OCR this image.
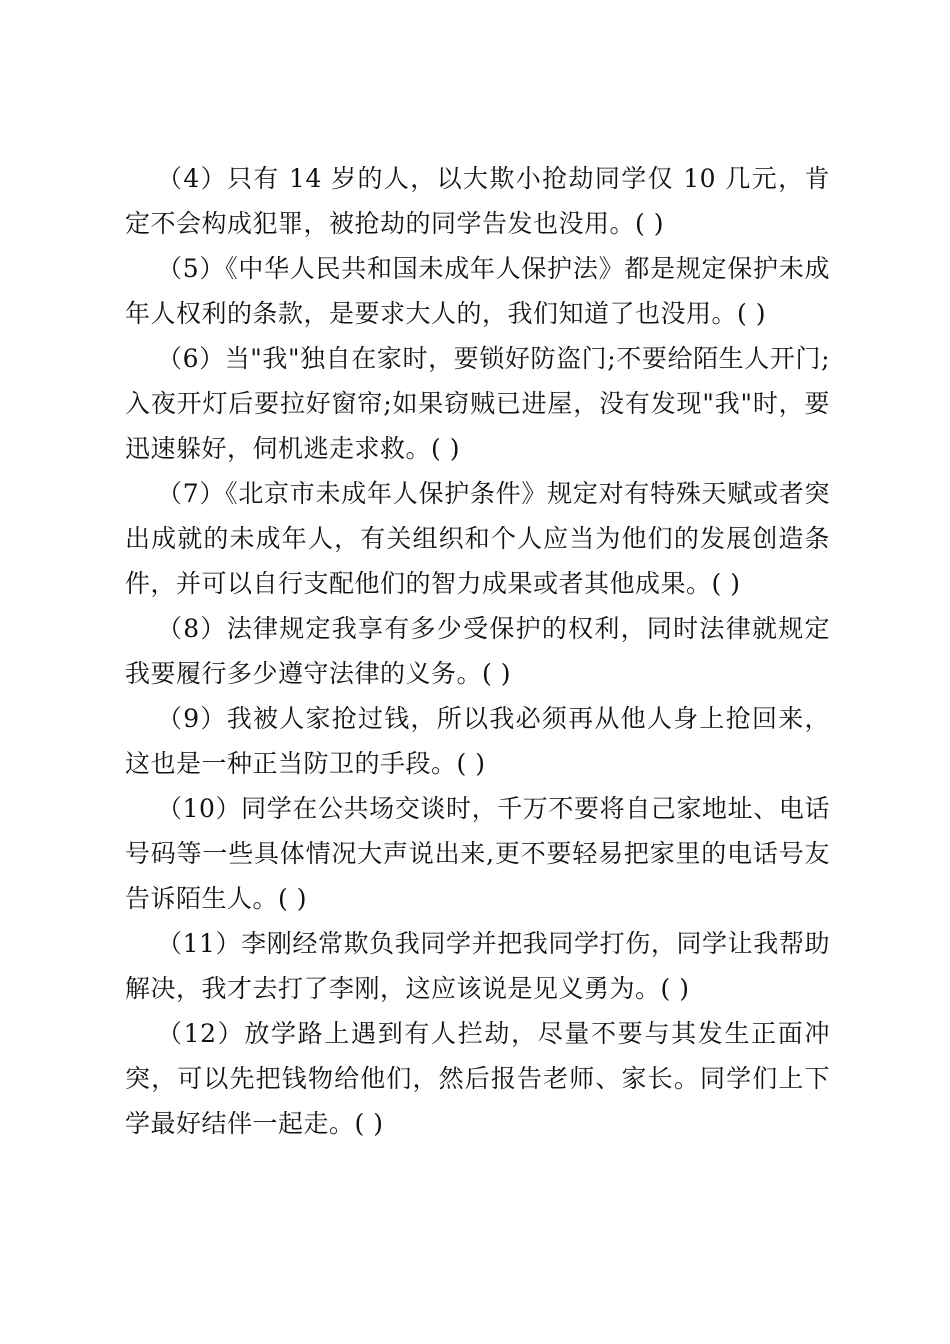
（4）只有 14 岁的人，以大欺小抢劫同学仅 10 几元，肯定不会构成犯罪，被抢劫的同学告发也没用。( )

（5）《中华人民共和国未成年人保护法》都是规定保护未成年人权利的条款，是要求大人的，我们知道了也没用。( )

（6）当"我"独自在家时，要锁好防盗门;不要给陌生人开门;入夜开灯后要拉好窗帘;如果窃贼已进屋，没有发现"我"时，要迅速躲好，伺机逃走求救。( )

（7）《北京市未成年人保护条件》规定对有特殊天赋或者突出成就的未成年人，有关组织和个人应当为他们的发展创造条件，并可以自行支配他们的智力成果或者其他成果。( )

（8）法律规定我享有多少受保护的权利，同时法律就规定我要履行多少遵守法律的义务。( )

（9）我被人家抢过钱，所以我必须再从他人身上抢回来，这也是一种正当防卫的手段。( )

（10）同学在公共场交谈时，千万不要将自己家地址、电话号码等一些具体情况大声说出来,更不要轻易把家里的电话号友告诉陌生人。( )

（11）李刚经常欺负我同学并把我同学打伤，同学让我帮助解决，我才去打了李刚，这应该说是见义勇为。( )

（12）放学路上遇到有人拦劫，尽量不要与其发生正面冲突，可以先把钱物给他们，然后报告老师、家长。同学们上下学最好结伴一起走。( )
